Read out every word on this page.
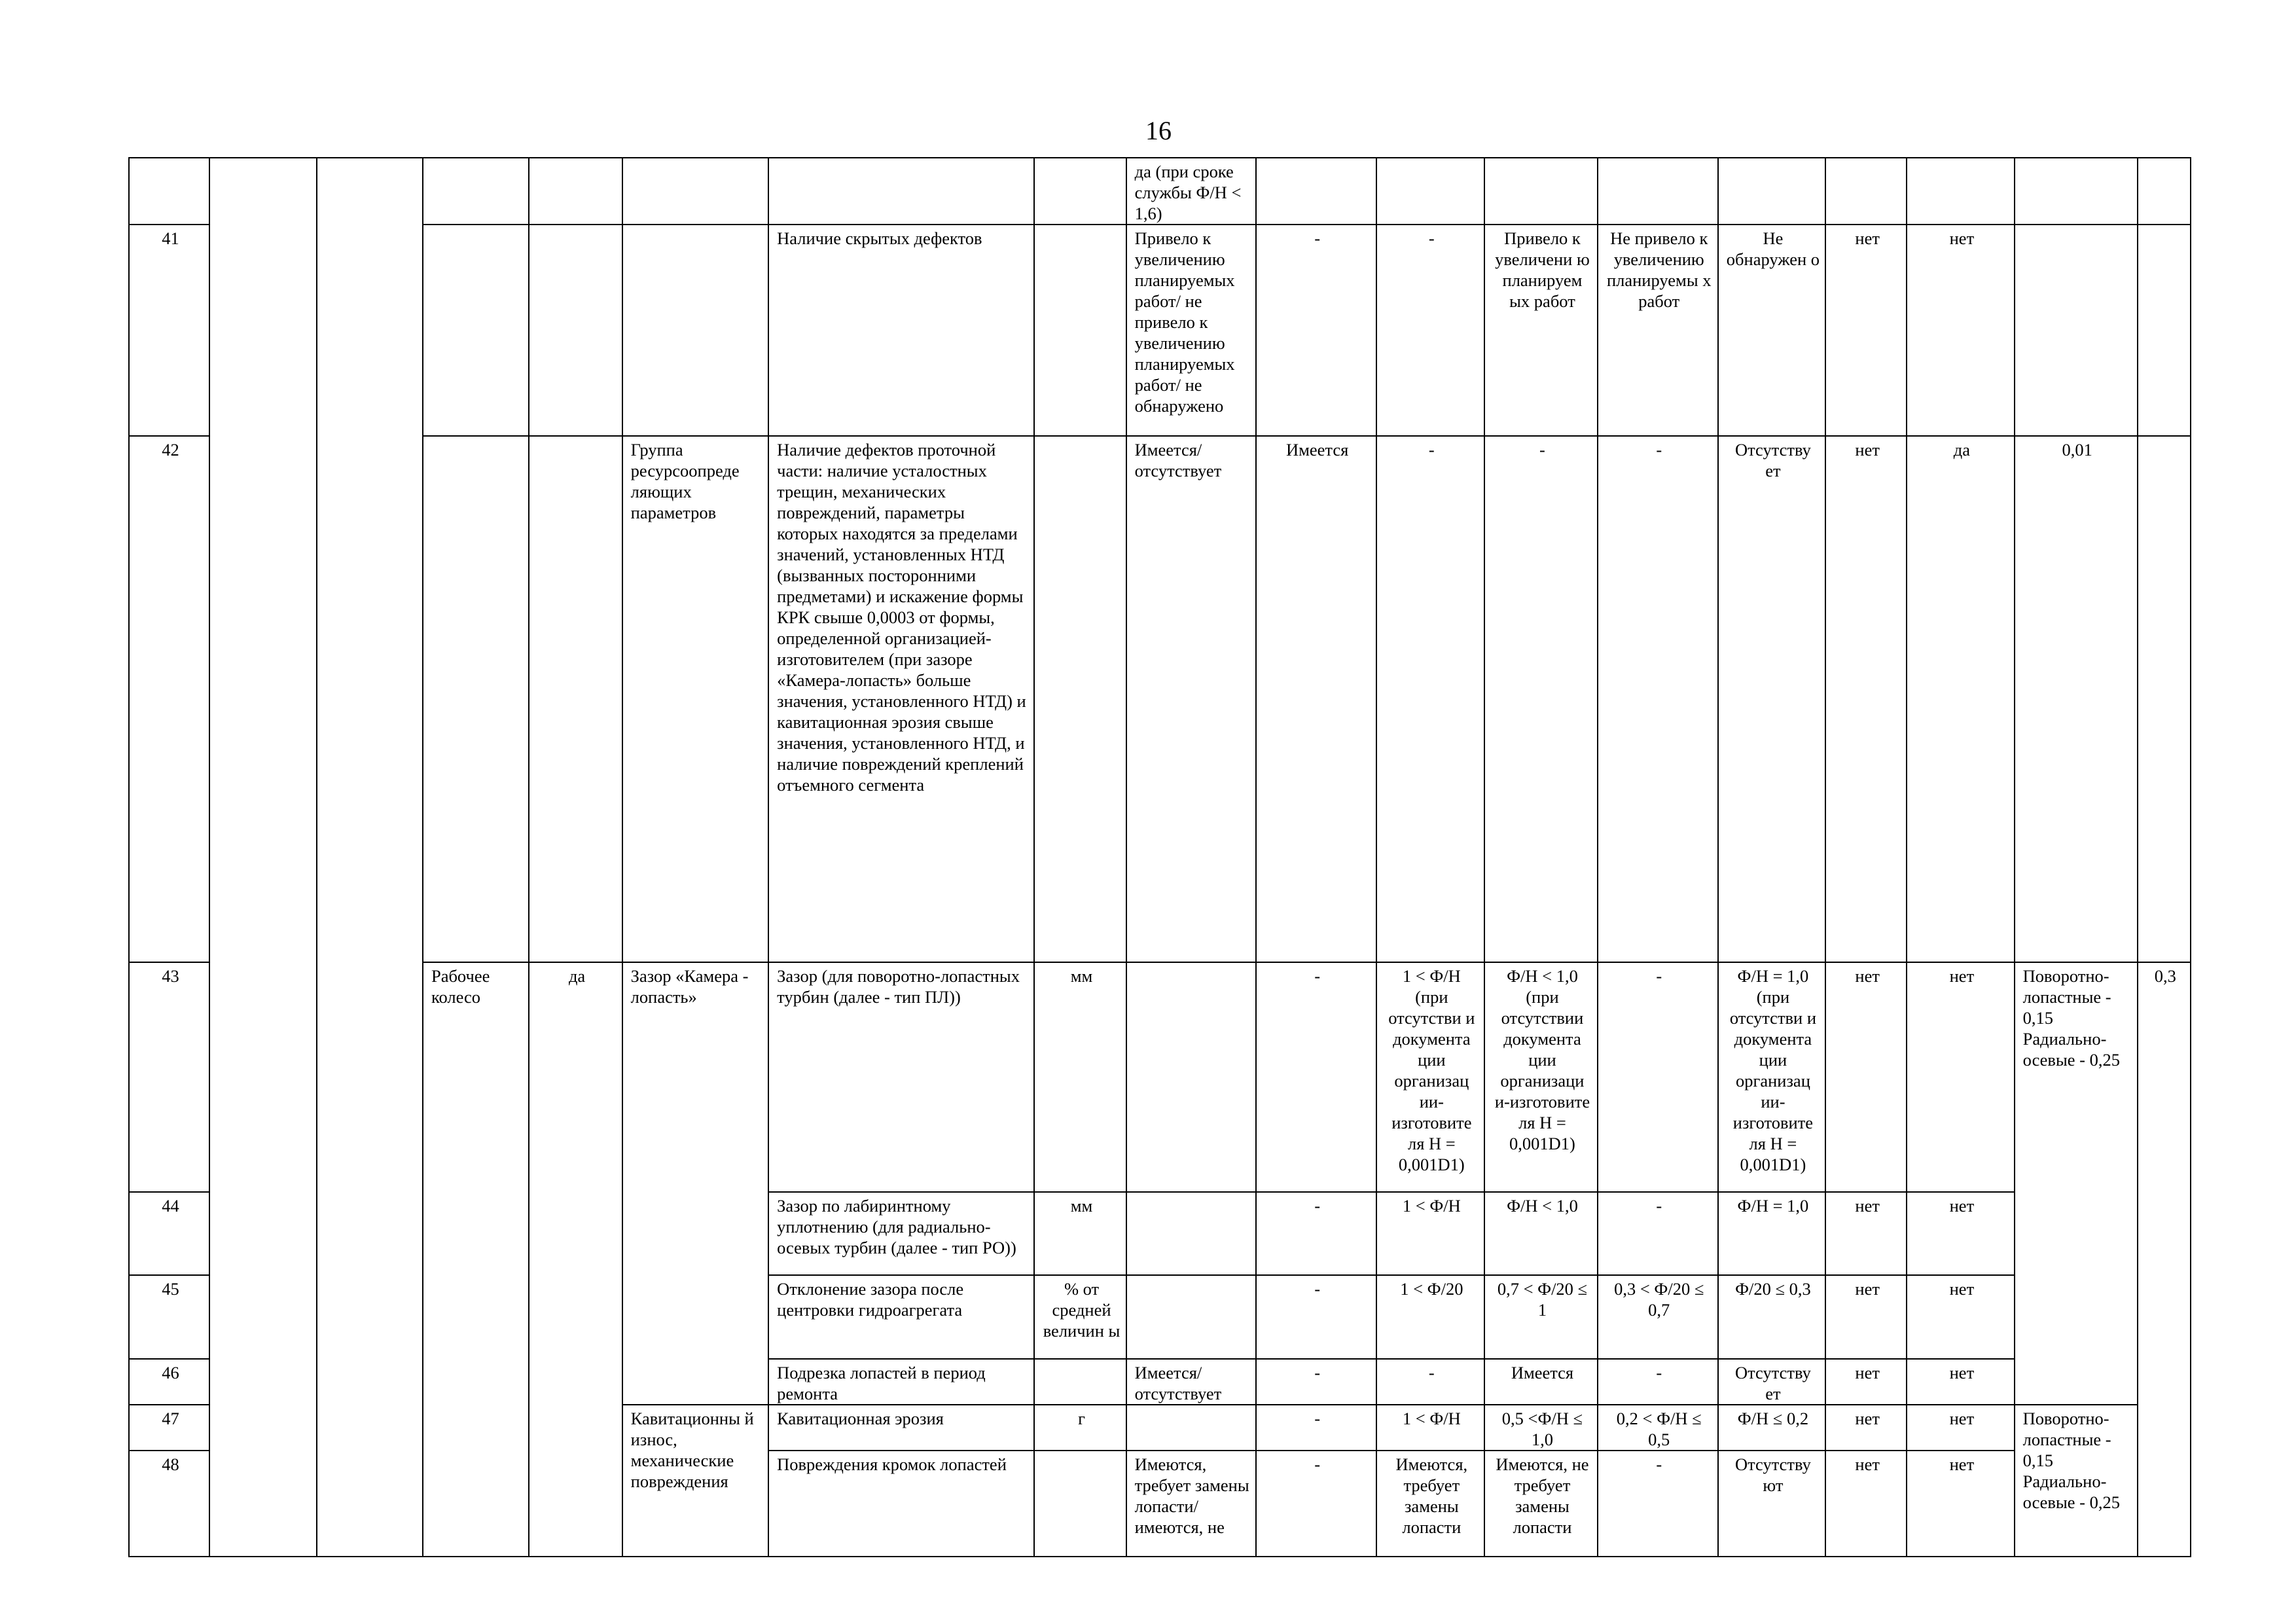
16
								да (при сроке службы Ф/Н < 1,6)									
41						Наличие скрытых дефектов		Привело к увеличению планируемых работ/ не привело к увеличению планируемых работ/ не обнаружено	-	-	Привело к увеличени ю планируем ых работ	Не привело к увеличению планируемы х работ	Не обнаружен о	нет	нет		
42					Группа ресурсоопреде ляющих параметров	Наличие дефектов проточной части: наличие усталостных трещин, механических повреждений, параметры которых находятся за пределами значений, установленных НТД (вызванных посторонними предметами) и искажение формы КРК свыше 0,0003 от формы, определенной организацией-изготовителем (при зазоре «Камера-лопасть» больше значения, установленного НТД) и кавитационная эрозия свыше значения, установленного НТД, и наличие повреждений креплений отъемного сегмента		Имеется/ отсутствует	Имеется	-	-	-	Отсутству ет	нет	да	0,01	
43			Рабочее колесо	да	Зазор «Камера - лопасть»	Зазор (для поворотно-лопастных турбин (далее - тип ПЛ))	мм		-	1 < Ф/Н (при отсутстви и документа ции организац ии-изготовите ля Н = 0,001D1)	Ф/Н < 1,0 (при отсутствии документа ции организаци и-изготовите ля Н = 0,001D1)	-	Ф/Н = 1,0 (при отсутстви и документа ции организац ии-изготовите ля Н = 0,001D1)	нет	нет	Поворотно-лопастные - 0,15 Радиально-осевые - 0,25	0,3
44						Зазор по лабиринтному уплотнению (для радиально-осевых турбин (далее - тип РО))	мм		-	1 < Ф/Н	Ф/Н < 1,0	-	Ф/Н = 1,0	нет	нет		
45						Отклонение зазора после центровки гидроагрегата	% от средней величин ы		-	1 < Ф/20	0,7 < Ф/20 ≤ 1	0,3 < Ф/20 ≤ 0,7	Ф/20 ≤ 0,3	нет	нет		
46						Подрезка лопастей в период ремонта		Имеется/ отсутствует	-	-	Имеется	-	Отсутству ет	нет	нет		
47					Кавитационны й износ, механические повреждения	Кавитационная эрозия	г		-	1 < Ф/Н	0,5 <Ф/Н ≤ 1,0	0,2 < Ф/Н ≤ 0,5	Ф/Н ≤ 0,2	нет	нет	Поворотно-лопастные - 0,15 Радиально-осевые - 0,25	
48						Повреждения кромок лопастей		Имеются, требует замены лопасти/ имеются, не	-	Имеются, требует замены лопасти	Имеются, не требует замены лопасти	-	Отсутству ют	нет	нет		
